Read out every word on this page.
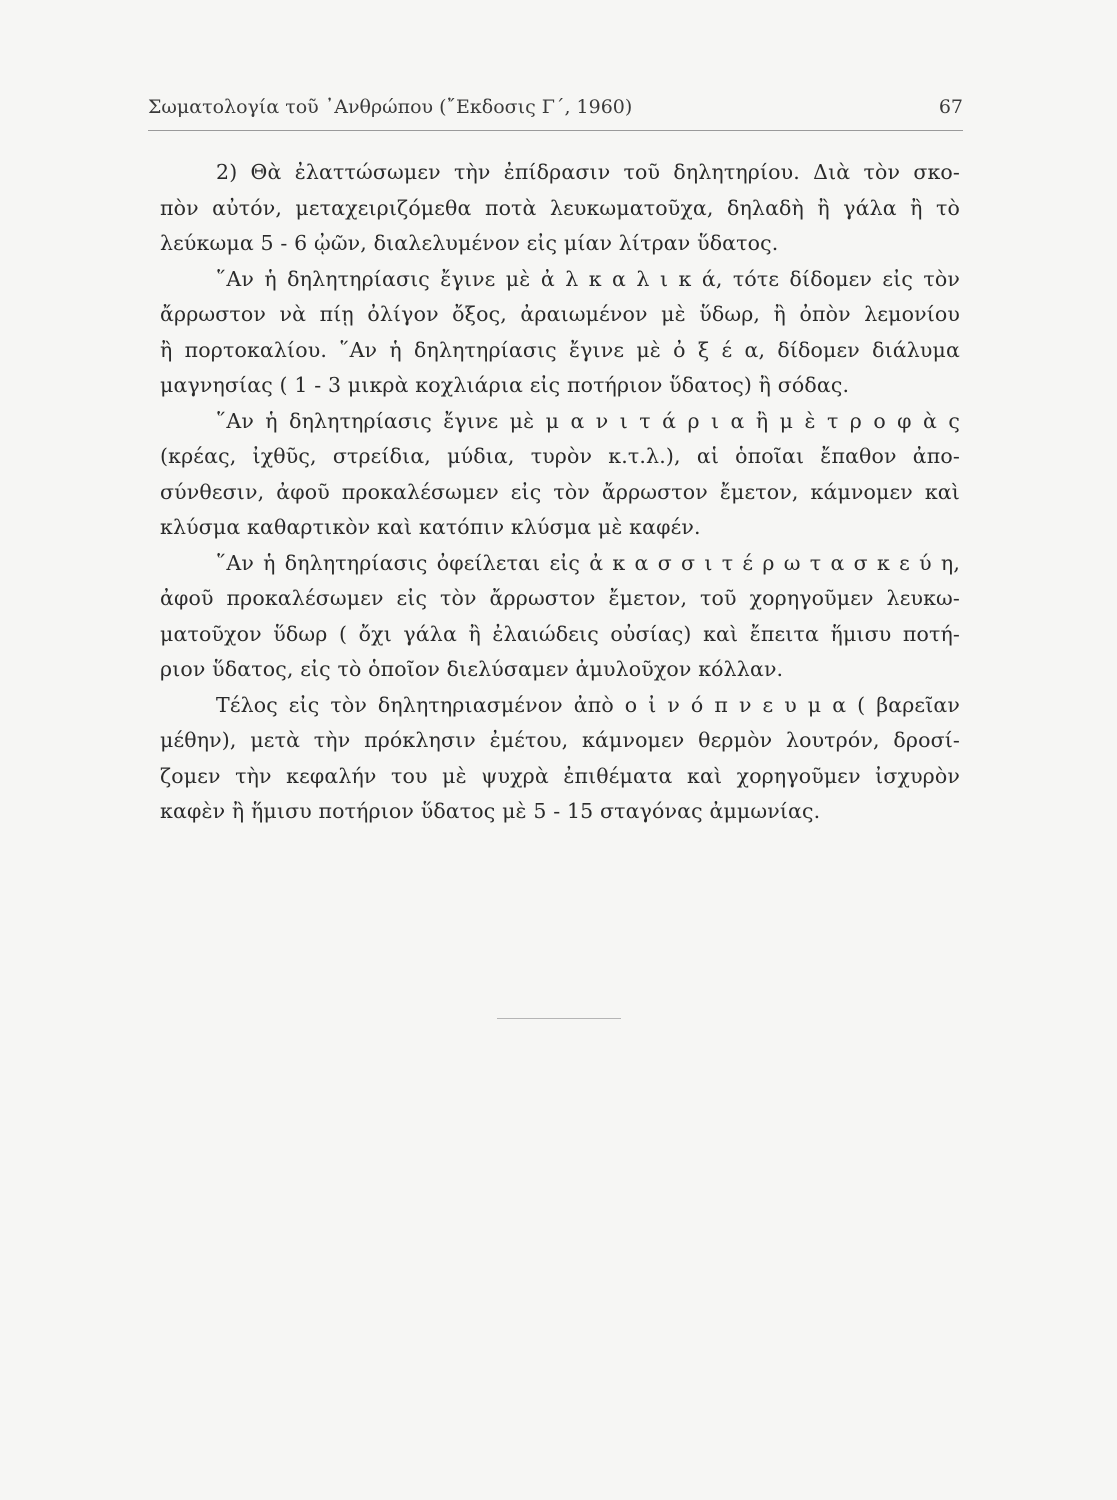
Σωματολογία τοῦ ᾿Ανθρώπου (῎Εκδοσις Γ΄, 1960)	67
2) Θὰ ἐλαττώσωμεν τὴν ἐπίδρασιν τοῦ δηλητηρίου. Διὰ τὸν σκο-
πὸν αὐτόν, μεταχειριζόμεθα ποτὰ λευκωματοῦχα, δηλαδὴ ἢ γάλα ἢ τὸ
λεύκωμα 5 - 6 ᾠῶν, διαλελυμένον εἰς μίαν λίτραν ὕδατος.
῞Αν ἡ δηλητηρίασις ἔγινε μὲ ἀ λ κ α λ ι κ ά, τότε δίδομεν εἰς τὸν
ἄρρωστον νὰ πίῃ ὀλίγον ὄξος, ἀραιωμένον μὲ ὕδωρ, ἢ ὀπὸν λεμονίου
ἢ πορτοκαλίου. ῞Αν ἡ δηλητηρίασις ἔγινε μὲ ὀ ξ έ α, δίδομεν διάλυμα
μαγνησίας ( 1 - 3 μικρὰ κοχλιάρια εἰς ποτήριον ὕδατος) ἢ σόδας.
῞Αν ἡ δηλητηρίασις ἔγινε μὲ μ α ν ι τ ά ρ ι α ἢ μ ὲ τ ρ ο φ ὰ ς
(κρέας, ἰχθῦς, στρείδια, μύδια, τυρὸν κ.τ.λ.), αἱ ὁποῖαι ἔπαθον ἀπο-
σύνθεσιν, ἀφοῦ προκαλέσωμεν εἰς τὸν ἄρρωστον ἔμετον, κάμνομεν καὶ
κλύσμα καθαρτικὸν καὶ κατόπιν κλύσμα μὲ καφέν.
῞Αν ἡ δηλητηρίασις ὀφείλεται εἰς ἀ κ α σ σ ι τ έ ρ ω τ α σ κ ε ύ η,
ἀφοῦ προκαλέσωμεν εἰς τὸν ἄρρωστον ἔμετον, τοῦ χορηγοῦμεν λευκω-
ματοῦχον ὕδωρ ( ὄχι γάλα ἢ ἐλαιώδεις οὐσίας) καὶ ἔπειτα ἥμισυ ποτή-
ριον ὕδατος, εἰς τὸ ὁποῖον διελύσαμεν ἀμυλοῦχον κόλλαν.
Τέλος εἰς τὸν δηλητηριασμένον ἀπὸ ο ἰ ν ό π ν ε υ μ α ( βαρεῖαν
μέθην), μετὰ τὴν πρόκλησιν ἐμέτου, κάμνομεν θερμὸν λουτρόν, δροσί-
ζομεν τὴν κεφαλήν του μὲ ψυχρὰ ἐπιθέματα καὶ χορηγοῦμεν ἰσχυρὸν
καφὲν ἢ ἥμισυ ποτήριον ὕδατος μὲ 5 - 15 σταγόνας ἀμμωνίας.
